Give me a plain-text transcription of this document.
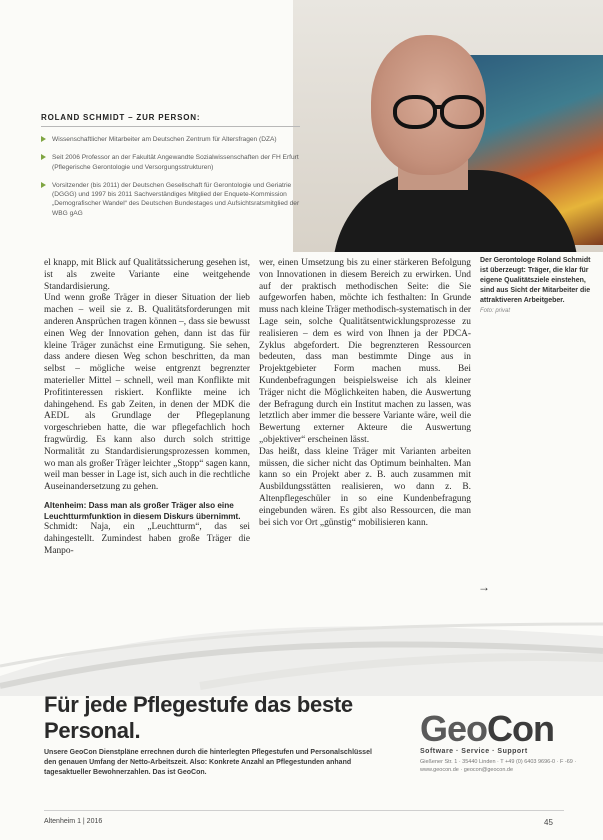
ROLAND SCHMIDT – ZUR PERSON:
Wissenschaftlicher Mitarbeiter am Deutschen Zentrum für Altersfragen (DZA)
Seit 2006 Professor an der Fakultät Angewandte Sozialwissenschaften der FH Erfurt (Pflegerische Gerontologie und Versorgungsstrukturen)
Vorsitzender (bis 2011) der Deutschen Gesellschaft für Gerontologie und Geriatrie (DGGG) und 1997 bis 2011 Sachverständiges Mitglied der Enquete-Kommission „Demografischer Wandel“ des Deutschen Bundestages und Aufsichtsratsmitglied der WBG gAG
Der Gerontologe Roland Schmidt ist überzeugt: Träger, die klar für eigene Qualitätsziele einstehen, sind aus Sicht der Mitarbeiter die attraktiveren Arbeitgeber.
Foto: privat

el knapp, mit Blick auf Qualitätssicherung gesehen ist, ist als zweite Variante eine weitgehende Standardisierung.

Und wenn große Träger in dieser Situation der lieb machen – weil sie z. B. Qualitätsforderungen mit anderen Ansprüchen tragen können –, dass sie bewusst einen Weg der Innovation gehen, dann ist das für kleine Träger zunächst eine Ermutigung. Sie sehen, dass andere diesen Weg schon beschritten, da man selbst – mögliche weise entgrenzt begrenzter materieller Mittel – schnell, weil man Konflikte mit Profitinteressen riskiert. Konflikte meine ich dahingehend. Es gab Zeiten, in denen der MDK die AEDL als Grundlage der Pflegeplanung vorgeschrieben hatte, die war pflegefachlich hoch fragwürdig. Es kann also durch solch strittige Normalität zu Standardisierungsprozessen kommen, wo man als großer Träger leichter „Stopp“ sagen kann, weil man besser in Lage ist, sich auch in die rechtliche Auseinandersetzung zu gehen.

Altenheim: Dass man als großer Träger also eine Leuchtturmfunktion in diesem Diskurs übernimmt.

Schmidt: Naja, ein „Leuchtturm“, das sei dahingestellt. Zumindest haben große Träger die Manpo-

wer, einen Umsetzung bis zu einer stärkeren Befolgung von Innovationen in diesem Bereich zu erwirken. Und auf der praktisch methodischen Seite: die Sie aufgeworfen haben, möchte ich festhalten: In Grunde muss nach kleine Träger methodisch-systematisch in der Lage sein, solche Qualitätsentwicklungsprozesse zu realisieren – dem es wird von Ihnen ja der PDCA-Zyklus abgefordert. Die begrenzteren Ressourcen bedeuten, dass man bestimmte Dinge aus in Projektgebieter Form machen muss. Bei Kundenbefragungen beispielsweise ich als kleiner Träger nicht die Möglichkeiten haben, die Auswertung der Befragung durch ein Institut machen zu lassen, was letztlich aber immer die bessere Variante wäre, weil die Bewertung externer Akteure die Auswertung „objektiver“ erscheinen lässt.

Das heißt, dass kleine Träger mit Varianten arbeiten müssen, die sicher nicht das Optimum beinhalten. Man kann so ein Projekt aber z. B. auch zusammen mit Ausbildungsstätten realisieren, wo dann z. B. Altenpflegeschüler in so eine Kundenbefragung eingebunden wären. Es gibt also Ressourcen, die man bei sich vor Ort „günstig“ mobilisieren kann.

→
Für jede Pflegestufe das beste Personal.
Unsere GeoCon Dienstpläne errechnen durch die hinterlegten Pflegestufen und Personalschlüssel den genauen Umfang der Netto-Arbeitszeit. Also: Konkrete Anzahl an Pflegestunden anhand tagesaktueller Bewohnerzahlen. Das ist GeoCon.
GeoCon
Software · Service · Support
Gießener Str. 1 · 35440 Linden · T +49 (0) 6403 9696-0 · F -69 · www.geocon.de · geocon@geocon.de
Altenheim 1 | 2016	45
